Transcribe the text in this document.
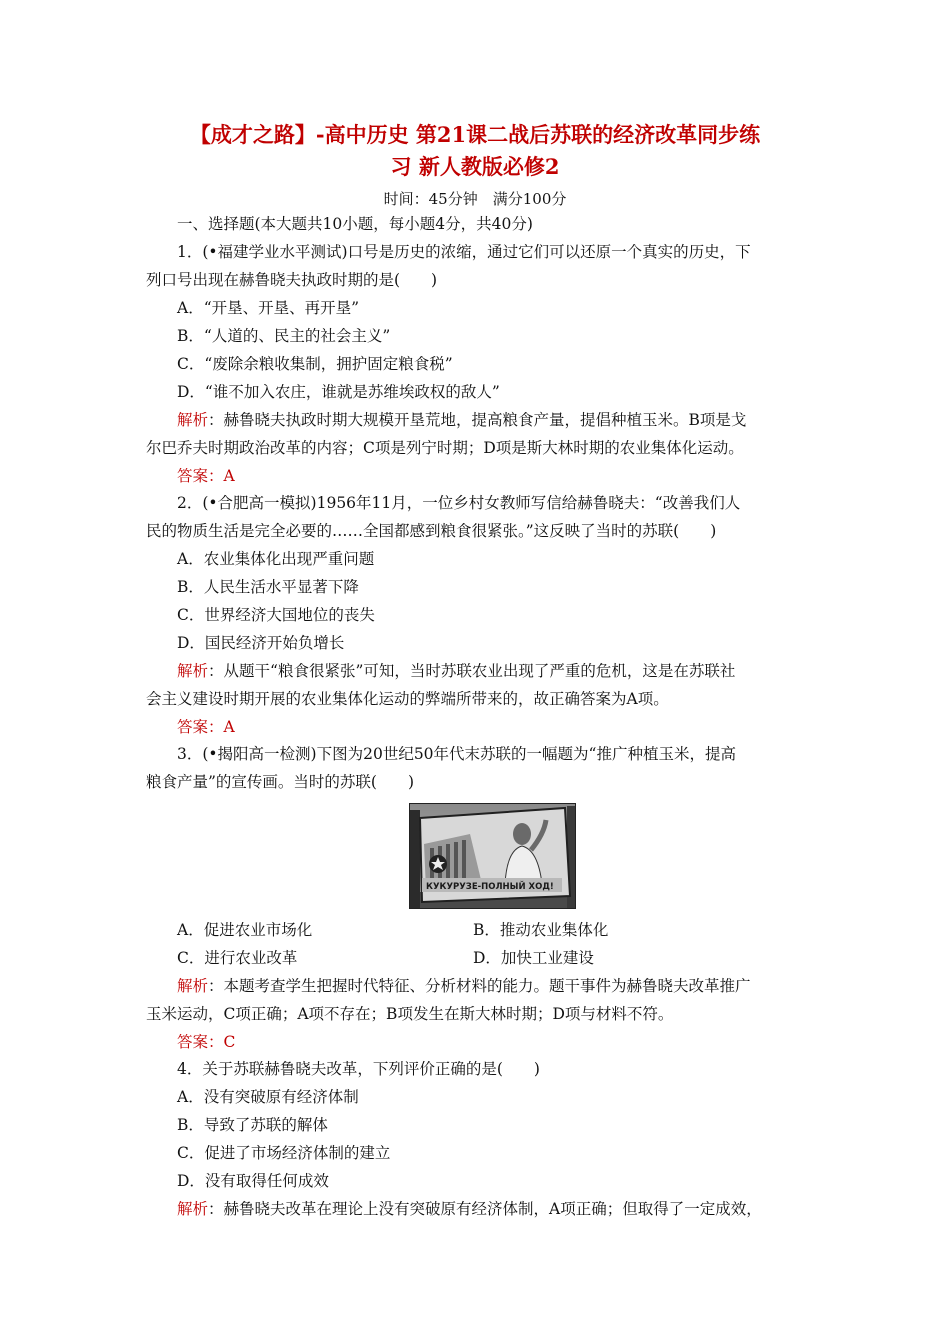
【成才之路】-高中历史 第21课二战后苏联的经济改革同步练
习 新人教版必修2
时间：45分钟　满分100分
一、选择题(本大题共10小题，每小题4分，共40分)
1．(•福建学业水平测试)口号是历史的浓缩，通过它们可以还原一个真实的历史，下
列口号出现在赫鲁晓夫执政时期的是(　　)
A．“开垦、开垦、再开垦”
B．“人道的、民主的社会主义”
C．“废除余粮收集制，拥护固定粮食税”
D．“谁不加入农庄，谁就是苏维埃政权的敌人”
解析：赫鲁晓夫执政时期大规模开垦荒地，提高粮食产量，提倡种植玉米。B项是戈
尔巴乔夫时期政治改革的内容；C项是列宁时期；D项是斯大林时期的农业集体化运动。
答案：A
2．(•合肥高一模拟)1956年11月，一位乡村女教师写信给赫鲁晓夫：“改善我们人
民的物质生活是完全必要的……全国都感到粮食很紧张。”这反映了当时的苏联(　　)
A．农业集体化出现严重问题
B．人民生活水平显著下降
C．世界经济大国地位的丧失
D．国民经济开始负增长
解析：从题干“粮食很紧张”可知，当时苏联农业出现了严重的危机，这是在苏联社
会主义建设时期开展的农业集体化运动的弊端所带来的，故正确答案为A项。
答案：A
3．(•揭阳高一检测)下图为20世纪50年代末苏联的一幅题为“推广种植玉米，提高
粮食产量”的宣传画。当时的苏联(　　)
КУКУРУЗЕ-ПОЛНЫЙ ХОД!
A．促进农业市场化	B．推动农业集体化
C．进行农业改革	D．加快工业建设
解析：本题考查学生把握时代特征、分析材料的能力。题干事件为赫鲁晓夫改革推广
玉米运动，C项正确；A项不存在；B项发生在斯大林时期；D项与材料不符。
答案：C
4．关于苏联赫鲁晓夫改革，下列评价正确的是(　　)
A．没有突破原有经济体制
B．导致了苏联的解体
C．促进了市场经济体制的建立
D．没有取得任何成效
解析：赫鲁晓夫改革在理论上没有突破原有经济体制，A项正确；但取得了一定成效，
